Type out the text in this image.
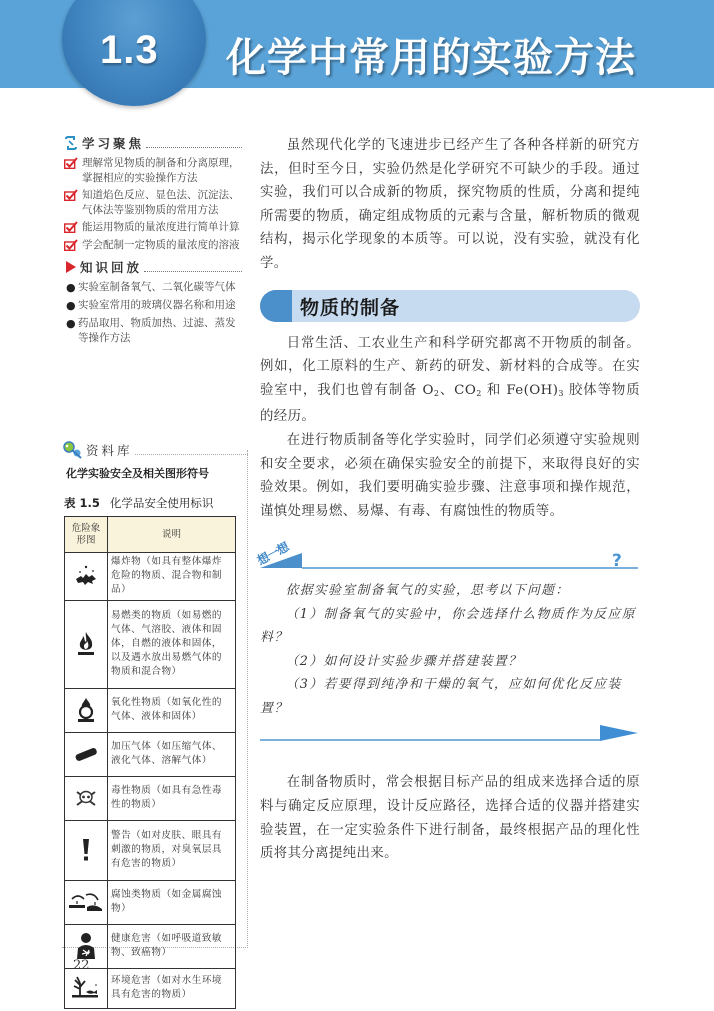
1.3 化学中常用的实验方法
学习聚焦
理解常见物质的制备和分离原理，掌握相应的实验操作方法
知道焰色反应、显色法、沉淀法、气体法等鉴别物质的常用方法
能运用物质的量浓度进行简单计算
学会配制一定物质的量浓度的溶液
知识回放
● 实验室制备氧气、二氧化碳等气体
● 实验室常用的玻璃仪器名称和用途
● 药品取用、物质加热、过滤、蒸发等操作方法
资料库
化学实验安全及相关图形符号
表 1.5 化学品安全使用标识
危险象形图	说明

	爆炸物（如具有整体爆炸危险的物质、混合物和制品）

	易燃类的物质（如易燃的气体、气溶胶、液体和固体，自燃的液体和固体，以及遇水放出易燃气体的物质和混合物）

	氧化性物质（如氧化性的气体、液体和固体）

	加压气体（如压缩气体、液化气体、溶解气体）

	毒性物质（如具有急性毒性的物质）

	警告（如对皮肤、眼具有刺激的物质，对臭氧层具有危害的物质）

	腐蚀类物质（如金属腐蚀物）

	健康危害（如呼吸道致敏物、致癌物）

	环境危害（如对水生环境具有危害的物质）
22

虽然现代化学的飞速进步已经产生了各种各样新的研究方法，但时至今日，实验仍然是化学研究不可缺少的手段。通过实验，我们可以合成新的物质，探究物质的性质，分离和提纯所需要的物质，确定组成物质的元素与含量，解析物质的微观结构，揭示化学现象的本质等。可以说，没有实验，就没有化学。

物质的制备

日常生活、工农业生产和科学研究都离不开物质的制备。例如，化工原料的生产、新药的研发、新材料的合成等。在实验室中，我们也曾有制备 $O_2$、$CO_2$ 和 $Fe(OH)_3$ 胶体等物质的经历。

在进行物质制备等化学实验时，同学们必须遵守实验规则和安全要求，必须在确保实验安全的前提下，来取得良好的实验效果。例如，我们要明确实验步骤、注意事项和操作规范，谨慎处理易燃、易爆、有毒、有腐蚀性的物质等。

想一想	?

依据实验室制备氧气的实验，思考以下问题：

（1）制备氧气的实验中，你会选择什么物质作为反应原料？

（2）如何设计实验步骤并搭建装置？

（3）若要得到纯净和干燥的氧气，应如何优化反应装置？

在制备物质时，常会根据目标产品的组成来选择合适的原料与确定反应原理，设计反应路径，选择合适的仪器并搭建实验装置，在一定实验条件下进行制备，最终根据产品的理化性质将其分离提纯出来。
